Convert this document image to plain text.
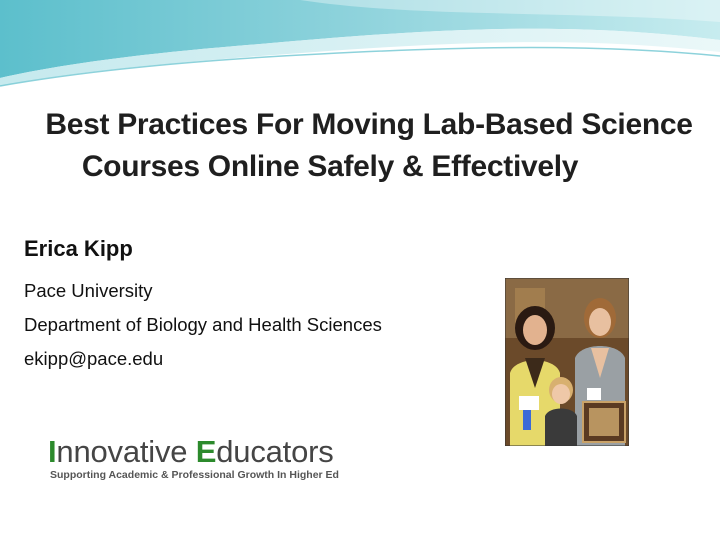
Best Practices For Moving Lab-Based Science
Courses Online Safely & Effectively
Erica Kipp
Pace University
Department of Biology and Health Sciences
ekipp@pace.edu
Innovative Educators
Supporting Academic & Professional Growth In Higher Ed
